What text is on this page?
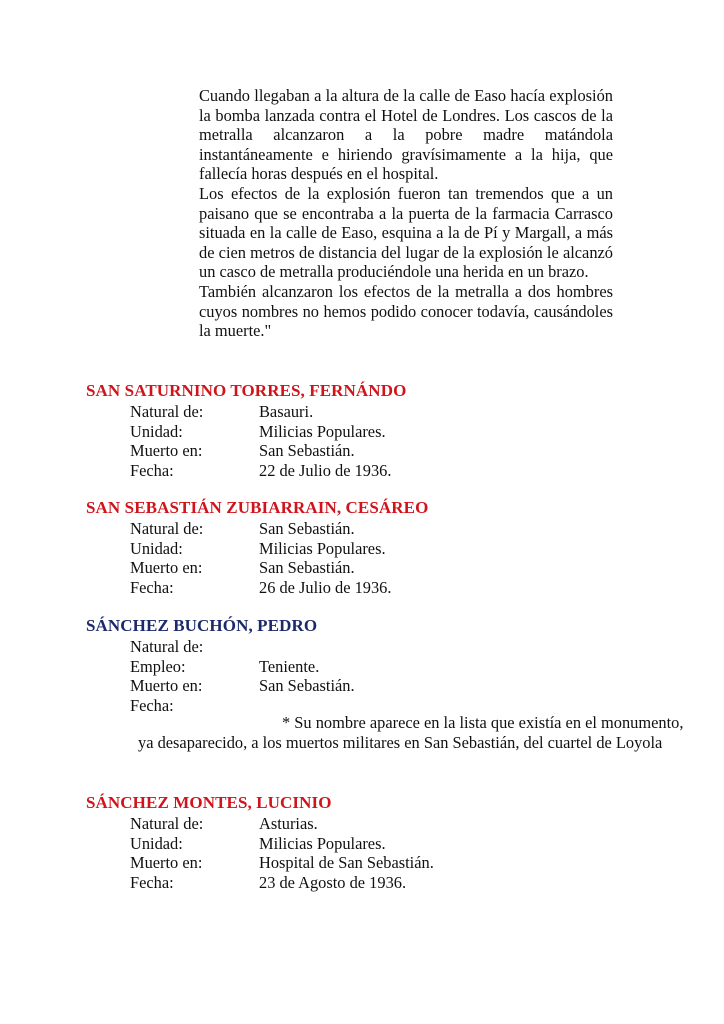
Cuando llegaban a la altura de la calle de Easo hacía explosión la bomba lanzada contra el Hotel de Londres. Los cascos de la metralla alcanzaron a la pobre madre matándola instantáneamente e hiriendo gravísimamente a la hija, que fallecía horas después en el hospital.

Los efectos de la explosión fueron tan tremendos que a un paisano que se encontraba a la puerta de la farmacia Carrasco situada en la calle de Easo, esquina a la de Pí y Margall, a más de cien metros de distancia del lugar de la explosión le alcanzó un casco de metralla produciéndole una herida en un brazo.

También alcanzaron los efectos de la metralla a dos hombres cuyos nombres no hemos podido conocer todavía, causándoles la muerte."

SAN SATURNINO TORRES, FERNÁNDO
Natural de:	Basauri.
Unidad:	Milicias Populares.
Muerto en:	San Sebastián.
Fecha:	22 de Julio de 1936.
SAN SEBASTIÁN ZUBIARRAIN, CESÁREO
Natural de:	San Sebastián.
Unidad:	Milicias Populares.
Muerto en:	San Sebastián.
Fecha:	26 de Julio de 1936.
SÁNCHEZ BUCHÓN, PEDRO
Natural de:
Empleo:	Teniente.
Muerto en:	San Sebastián.
Fecha:
* Su nombre aparece en la lista que existía en el monumento,
ya desaparecido, a los muertos militares en San Sebastián, del cuartel de Loyola
SÁNCHEZ MONTES, LUCINIO
Natural de:	Asturias.
Unidad:	Milicias Populares.
Muerto en:	Hospital de San Sebastián.
Fecha:	23 de Agosto de 1936.
